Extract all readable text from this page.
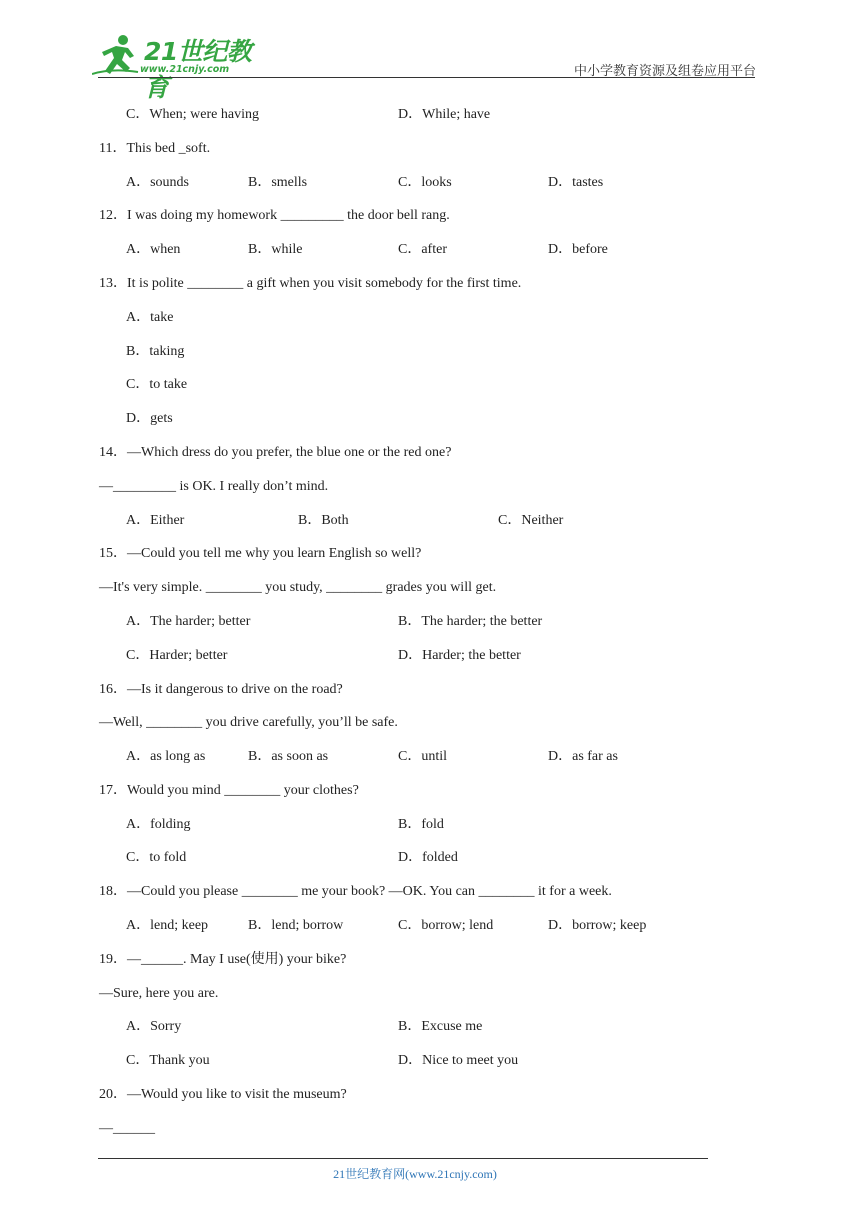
21世纪教育
www.21cnjy.com	中小学教育资源及组卷应用平台
C．When; were having	D．While; have
11．This bed _soft.
A．sounds	B．smells	C．looks	D．tastes
12．I was doing my homework _________ the door bell rang.
A．when	B．while	C．after	D．before
13．It is polite ________ a gift when you visit somebody for the first time.
A．take
B．taking
C．to take
D．gets
14．—Which dress do you prefer, the blue one or the red one?
—_________ is OK. I really don’t mind.
A．Either	B．Both	C．Neither
15．—Could you tell me why you learn English so well?
—It's very simple. ________ you study, ________ grades you will get.
A．The harder; better	B．The harder; the better
C．Harder; better	D．Harder; the better
16．—Is it dangerous to drive on the road?
—Well, ________ you drive carefully, you’ll be safe.
A．as long as	B．as soon as	C．until	D．as far as
17．Would you mind ________ your clothes?
A．folding	B．fold
C．to fold	D．folded
18．—Could you please ________ me your book? —OK. You can ________ it for a week.
A．lend; keep	B．lend; borrow	C．borrow; lend	D．borrow; keep
19．—______. May I use(使用) your bike?
—Sure, here you are.
A．Sorry	B．Excuse me
C．Thank you	D．Nice to meet you
20．—Would you like to visit the museum?
—______
21世纪教育网(www.21cnjy.com)
